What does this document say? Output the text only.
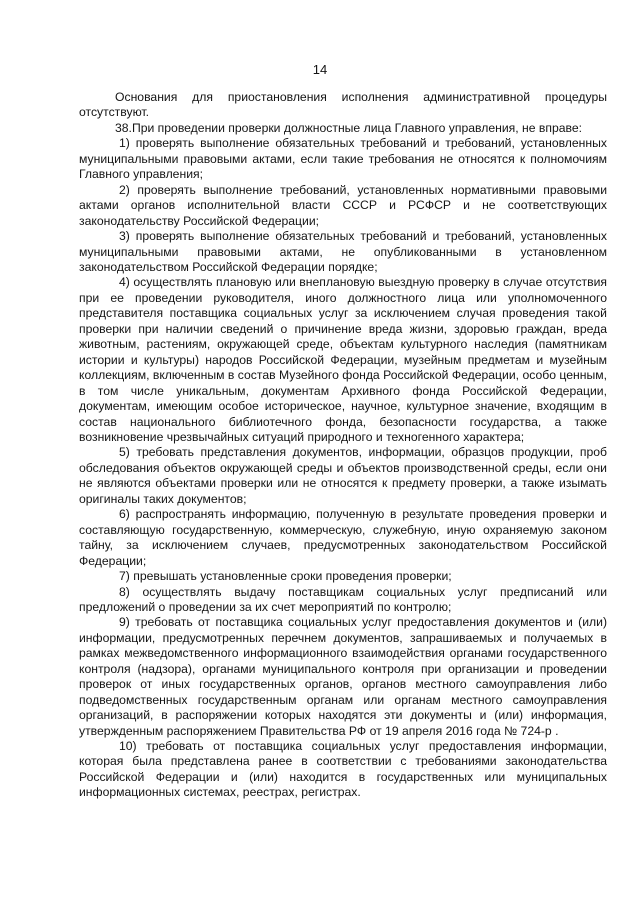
14

Основания для приостановления исполнения административной процедуры отсутствуют.

38.При проведении проверки должностные лица Главного управления, не вправе:

1) проверять выполнение обязательных требований и требований, установленных муниципальными правовыми актами, если такие требования не относятся к полномочиям Главного управления;

2) проверять выполнение требований, установленных нормативными правовыми актами органов исполнительной власти СССР и РСФСР и не соответствующих законодательству Российской Федерации;

3) проверять выполнение обязательных требований и требований, установленных муниципальными правовыми актами, не опубликованными в установленном законодательством Российской Федерации порядке;

4) осуществлять плановую или внеплановую выездную проверку в случае отсутствия при ее проведении руководителя, иного должностного лица или уполномоченного представителя поставщика социальных услуг за исключением случая проведения такой проверки при наличии сведений о причинение вреда жизни, здоровью граждан, вреда животным, растениям, окружающей среде, объектам культурного наследия (памятникам истории и культуры) народов Российской Федерации, музейным предметам и музейным коллекциям, включенным в состав Музейного фонда Российской Федерации, особо ценным, в том числе уникальным, документам Архивного фонда Российской Федерации, документам, имеющим особое историческое, научное, культурное значение, входящим в состав национального библиотечного фонда, безопасности государства, а также возникновение чрезвычайных ситуаций природного и техногенного характера;

5) требовать представления документов, информации, образцов продукции, проб обследования объектов окружающей среды и объектов производственной среды, если они не являются объектами проверки или не относятся к предмету проверки, а также изымать оригиналы таких документов;

6) распространять информацию, полученную в результате проведения проверки и составляющую государственную, коммерческую, служебную, иную охраняемую законом тайну, за исключением случаев, предусмотренных законодательством Российской Федерации;

7) превышать установленные сроки проведения проверки;

8) осуществлять выдачу поставщикам социальных услуг предписаний или предложений о проведении за их счет мероприятий по контролю;

9) требовать от поставщика социальных услуг предоставления документов и (или) информации, предусмотренных перечнем документов, запрашиваемых и получаемых в рамках межведомственного информационного взаимодействия органами государственного контроля (надзора), органами муниципального контроля при организации и проведении проверок от иных государственных органов, органов местного самоуправления либо подведомственных государственным органам или органам местного самоуправления организаций, в распоряжении которых находятся эти документы и (или) информация, утвержденным распоряжением Правительства РФ от 19 апреля 2016 года № 724-р .

10) требовать от поставщика социальных услуг предоставления информации, которая была представлена ранее в соответствии с требованиями законодательства Российской Федерации и (или) находится в государственных или муниципальных информационных системах, реестрах, регистрах.
